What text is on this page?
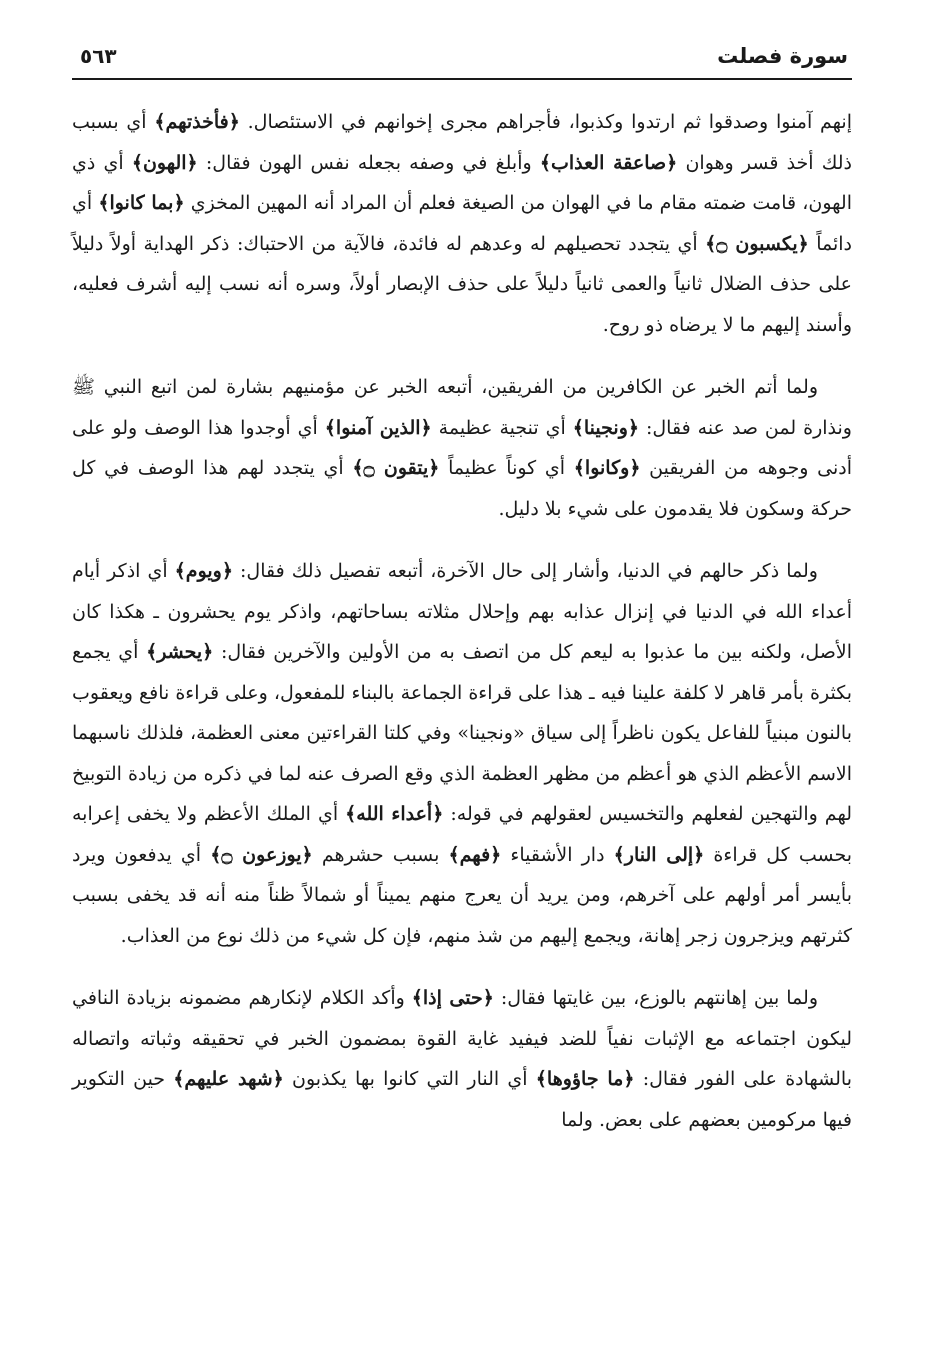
سورة فصلت
٥٦٣

إنهم آمنوا وصدقوا ثم ارتدوا وكذبوا، فأجراهم مجرى إخوانهم في الاستئصال. ﴿فأخذتهم﴾ أي بسبب ذلك أخذ قسر وهوان ﴿صاعقة العذاب﴾ وأبلغ في وصفه بجعله نفس الهون فقال: ﴿الهون﴾ أي ذي الهون، قامت ضمته مقام ما في الهوان من الصيغة فعلم أن المراد أنه المهين المخزي ﴿بما كانوا﴾ أي دائماً ﴿يكسبون ۝﴾ أي يتجدد تحصيلهم له وعدهم له فائدة، فالآية من الاحتباك: ذكر الهداية أولاً دليلاً على حذف الضلال ثانياً والعمى ثانياً دليلاً على حذف الإبصار أولاً، وسره أنه نسب إليه أشرف فعليه، وأسند إليهم ما لا يرضاه ذو روح.

ولما أتم الخبر عن الكافرين من الفريقين، أتبعه الخبر عن مؤمنيهم بشارة لمن اتبع النبي ﷺ ونذارة لمن صد عنه فقال: ﴿ونجينا﴾ أي تنجية عظيمة ﴿الذين آمنوا﴾ أي أوجدوا هذا الوصف ولو على أدنى وجوهه من الفريقين ﴿وكانوا﴾ أي كوناً عظيماً ﴿يتقون ۝﴾ أي يتجدد لهم هذا الوصف في كل حركة وسكون فلا يقدمون على شيء بلا دليل.

ولما ذكر حالهم في الدنيا، وأشار إلى حال الآخرة، أتبعه تفصيل ذلك فقال: ﴿ويوم﴾ أي اذكر أيام أعداء الله في الدنيا في إنزال عذابه بهم وإحلال مثلاته بساحاتهم، واذكر يوم يحشرون ـ هكذا كان الأصل، ولكنه بين ما عذبوا به ليعم كل من اتصف به من الأولين والآخرين فقال: ﴿يحشر﴾ أي يجمع بكثرة بأمر قاهر لا كلفة علينا فيه ـ هذا على قراءة الجماعة بالبناء للمفعول، وعلى قراءة نافع ويعقوب بالنون مبنياً للفاعل يكون ناظراً إلى سياق «ونجينا» وفي كلتا القراءتين معنى العظمة، فلذلك ناسبهما الاسم الأعظم الذي هو أعظم من مظهر العظمة الذي وقع الصرف عنه لما في ذكره من زيادة التوبيخ لهم والتهجين لفعلهم والتخسيس لعقولهم في قوله: ﴿أعداء الله﴾ أي الملك الأعظم ولا يخفى إعرابه بحسب كل قراءة ﴿إلى النار﴾ دار الأشقياء ﴿فهم﴾ بسبب حشرهم ﴿يوزعون ۝﴾ أي يدفعون ويرد بأيسر أمر أولهم على آخرهم، ومن يريد أن يعرج منهم يميناً أو شمالاً ظناً منه أنه قد يخفى بسبب كثرتهم ويزجرون زجر إهانة، ويجمع إليهم من شذ منهم، فإن كل شيء من ذلك نوع من العذاب.

ولما بين إهانتهم بالوزع، بين غايتها فقال: ﴿حتى إذا﴾ وأكد الكلام لإنكارهم مضمونه بزيادة النافي ليكون اجتماعه مع الإثبات نفياً للضد فيفيد غاية القوة بمضمون الخبر في تحقيقه وثباته واتصاله بالشهادة على الفور فقال: ﴿ما جاؤوها﴾ أي النار التي كانوا بها يكذبون ﴿شهد عليهم﴾ حين التكوير فيها مركومين بعضهم على بعض. ولما
